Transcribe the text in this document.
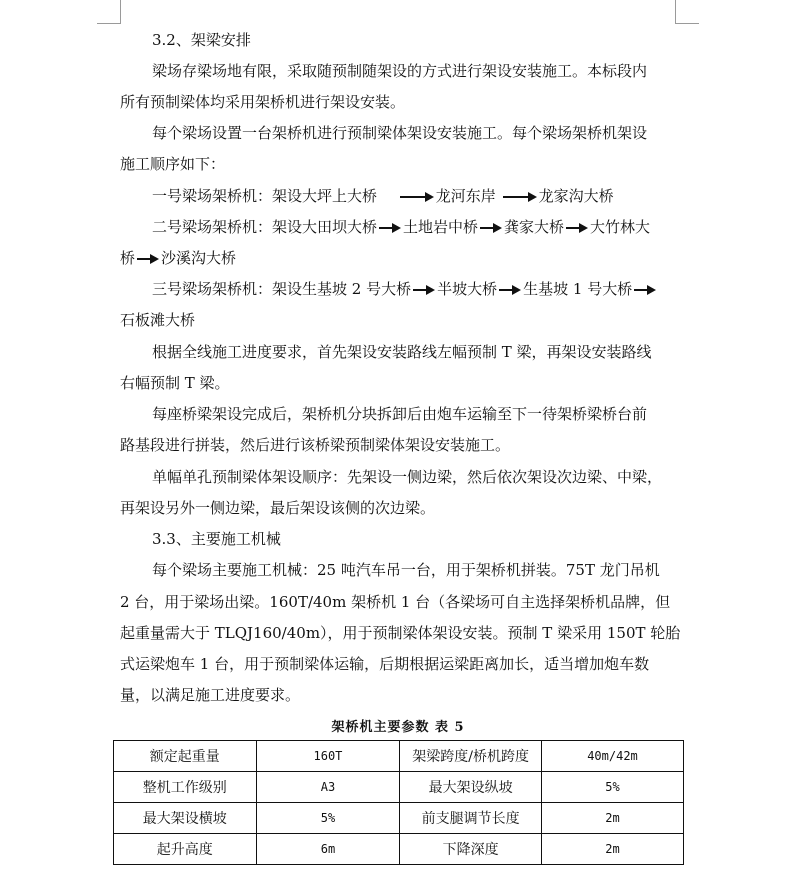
3.2、架梁安排
梁场存梁场地有限，采取随预制随架设的方式进行架设安装施工。本标段内
所有预制梁体均采用架桥机进行架设安装。
每个梁场设置一台架桥机进行预制梁体架设安装施工。每个梁场架桥机架设
施工顺序如下：
一号梁场架桥机：架设大坪上大桥	龙河东岸	龙家沟大桥
二号梁场架桥机：架设大田坝大桥 土地岩中桥 龚家大桥 大竹林大
桥 沙溪沟大桥
三号梁场架桥机：架设生基坡 2 号大桥 半坡大桥 生基坡 1 号大桥
石板滩大桥
根据全线施工进度要求，首先架设安装路线左幅预制 T 梁，再架设安装路线
右幅预制 T 梁。
每座桥梁架设完成后，架桥机分块拆卸后由炮车运输至下一待架桥梁桥台前
路基段进行拼装，然后进行该桥梁预制梁体架设安装施工。
单幅单孔预制梁体架设顺序：先架设一侧边梁，然后依次架设次边梁、中梁，
再架设另外一侧边梁，最后架设该侧的次边梁。
3.3、主要施工机械
每个梁场主要施工机械：25 吨汽车吊一台，用于架桥机拼装。75T 龙门吊机
2 台，用于梁场出梁。160T/40m 架桥机 1 台（各梁场可自主选择架桥机品牌，但
起重量需大于 TLQJ160/40m），用于预制梁体架设安装。预制 T 梁采用 150T 轮胎
式运梁炮车 1 台，用于预制梁体运输，后期根据运梁距离加长，适当增加炮车数
量，以满足施工进度要求。
架桥机主要参数 表 5
额定起重量	160T	架梁跨度/桥机跨度	40m/42m
整机工作级别	A3	最大架设纵坡	5%
最大架设横坡	5%	前支腿调节长度	2m
起升高度	6m	下降深度	2m
